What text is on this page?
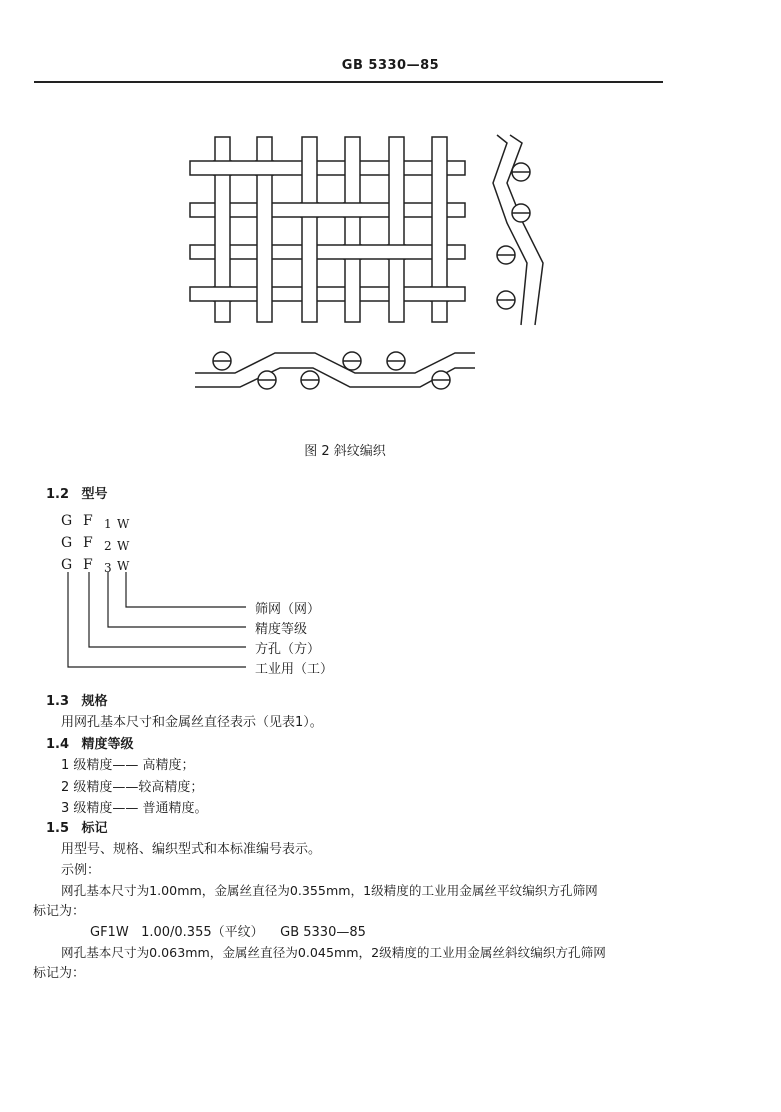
GB 5330—85
图 2 斜纹编织
1.2 型号
G F 1 W
G F 2 W
G F 3 W
筛网（网）
精度等级
方孔（方）
工业用（工）
1.3 规格
用网孔基本尺寸和金属丝直径表示（见表1）。
1.4 精度等级
1 级精度—— 高精度；
2 级精度——较高精度；
3 级精度—— 普通精度。
1.5 标记
用型号、规格、编织型式和本标准编号表示。
示例：
网孔基本尺寸为1.00mm，金属丝直径为0.355mm，1级精度的工业用金属丝平纹编织方孔筛网
标记为：
GF1W   1.00/0.355（平纹）    GB 5330—85
网孔基本尺寸为0.063mm，金属丝直径为0.045mm，2级精度的工业用金属丝斜纹编织方孔筛网
标记为：
